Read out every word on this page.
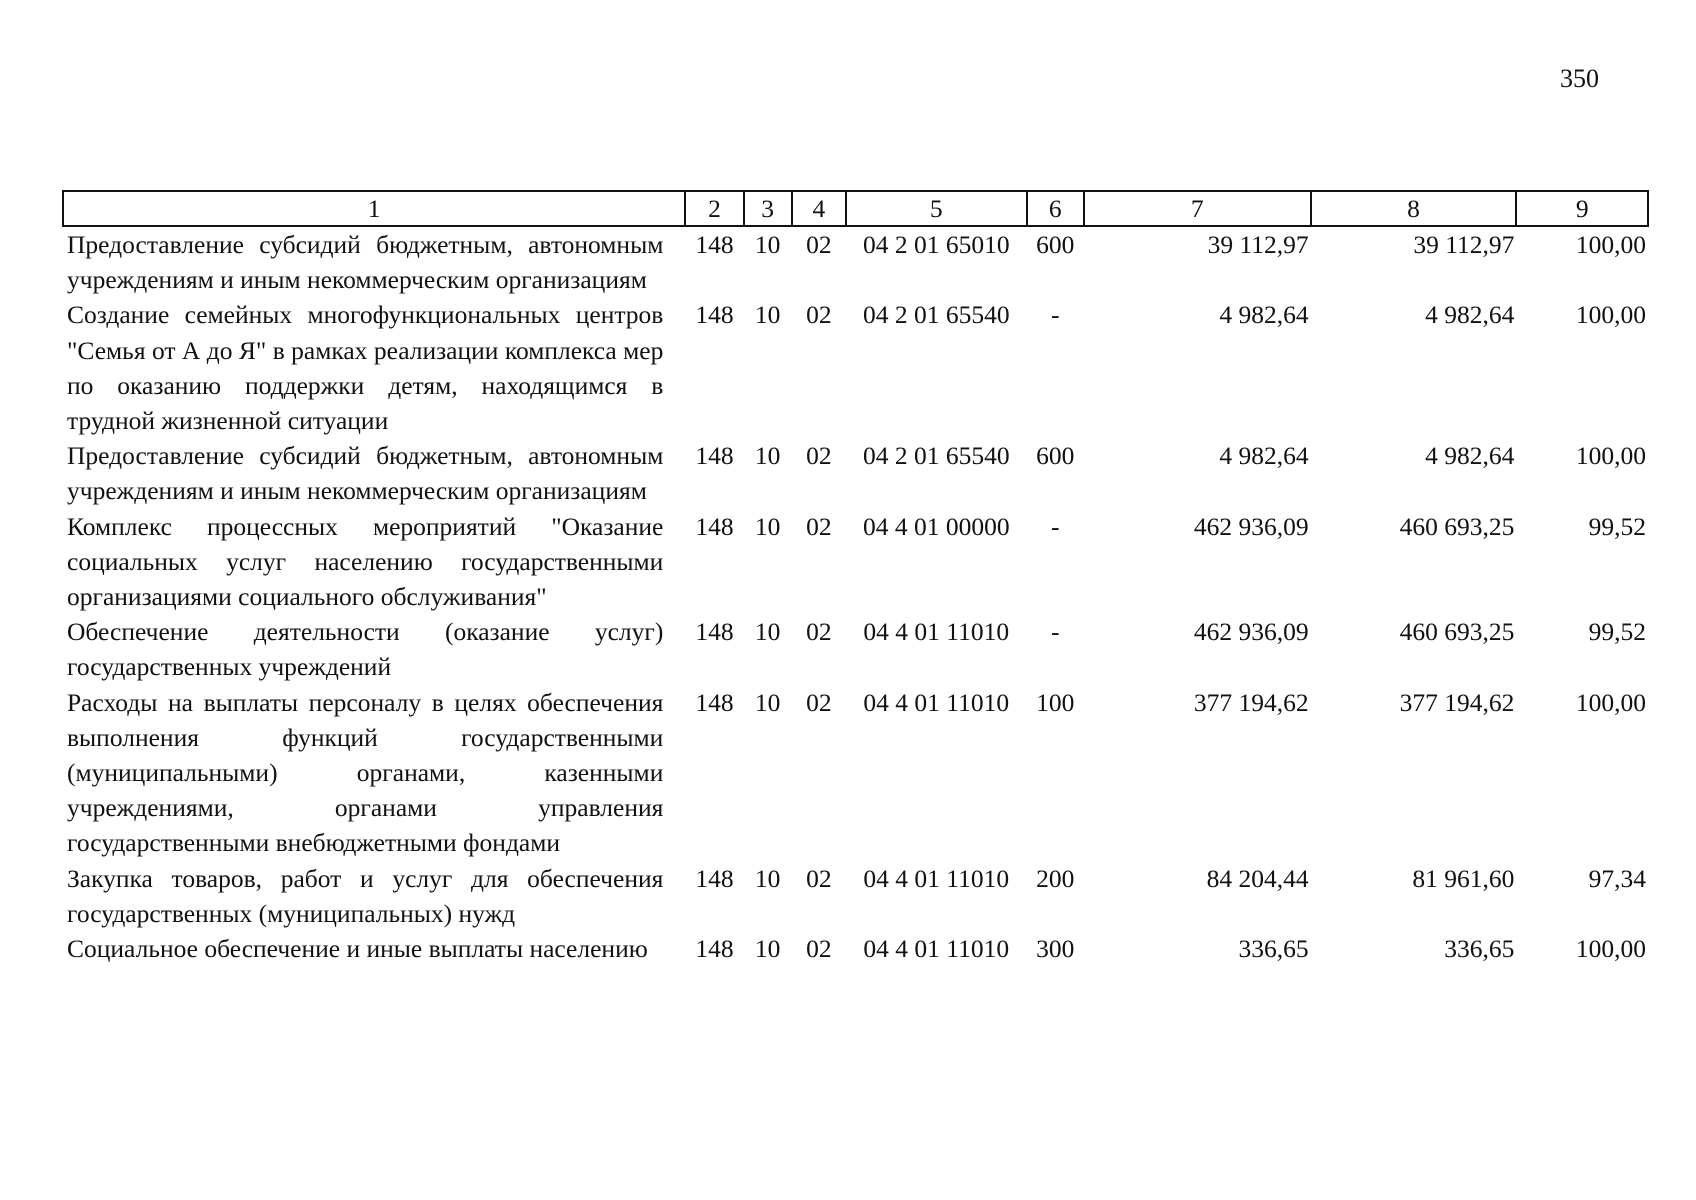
350
1	2	3	4	5	6	7	8	9
Предоставление субсидий бюджетным, автономным учреждениям и иным некоммерческим организациям	148	10	02	04 2 01 65010	600	39 112,97	39 112,97	100,00
Создание семейных многофункциональных центров "Семья от А до Я" в рамках реализации комплекса мер по оказанию поддержки детям, находящимся в трудной жизненной ситуации	148	10	02	04 2 01 65540	-	4 982,64	4 982,64	100,00
Предоставление субсидий бюджетным, автономным учреждениям и иным некоммерческим организациям	148	10	02	04 2 01 65540	600	4 982,64	4 982,64	100,00
Комплекс процессных мероприятий "Оказание социальных услуг населению государственными организациями социального обслуживания"	148	10	02	04 4 01 00000	-	462 936,09	460 693,25	99,52
Обеспечение деятельности (оказание услуг) государственных учреждений	148	10	02	04 4 01 11010	-	462 936,09	460 693,25	99,52
Расходы на выплаты персоналу в целях обеспечения выполнения функций государственными (муниципальными) органами, казенными учреждениями, органами управления государственными внебюджетными фондами	148	10	02	04 4 01 11010	100	377 194,62	377 194,62	100,00
Закупка товаров, работ и услуг для обеспечения государственных (муниципальных) нужд	148	10	02	04 4 01 11010	200	84 204,44	81 961,60	97,34
Социальное обеспечение и иные выплаты населению	148	10	02	04 4 01 11010	300	336,65	336,65	100,00
